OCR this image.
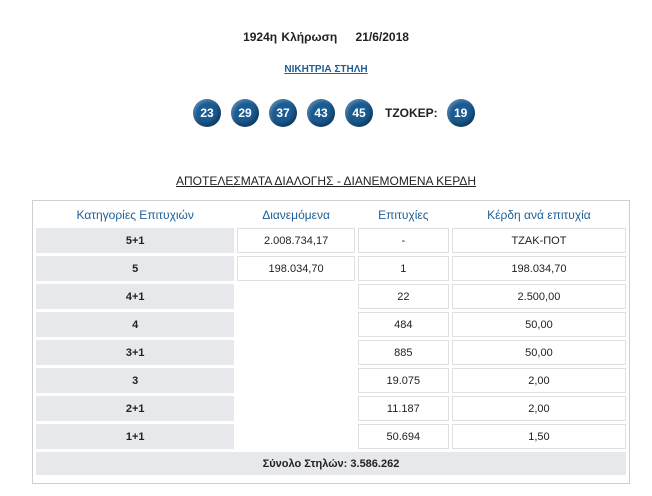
1924η Κλήρωση 21/6/2018
ΝΙΚΗΤΡΙΑ ΣΤΗΛΗ
23	29	37	43	45	ΤΖΟΚΕΡ:	19
ΑΠΟΤΕΛΕΣΜΑΤΑ ΔΙΑΛΟΓΗΣ - ΔΙΑΝΕΜΟΜΕΝΑ ΚΕΡΔΗ
Κατηγορίες Επιτυχιών	Διανεμόμενα	Επιτυχίες	Κέρδη ανά επιτυχία
5+1	2.008.734,17	-	ΤΖΑΚ-ΠΟΤ
5	198.034,70	1	198.034,70
4+1		22	2.500,00
4		484	50,00
3+1		885	50,00
3		19.075	2,00
2+1		11.187	2,00
1+1		50.694	1,50
Σύνολο Στηλών: 3.586.262			
